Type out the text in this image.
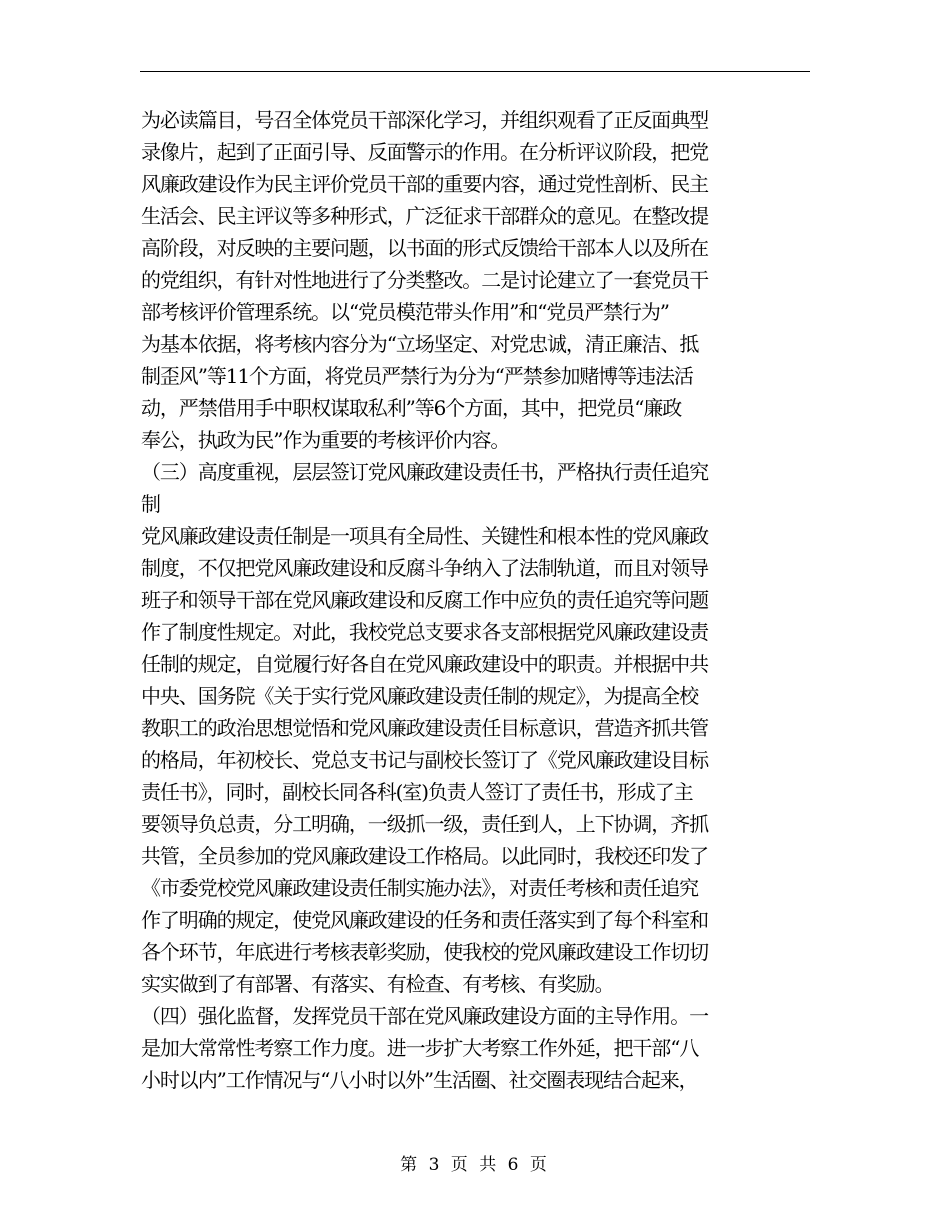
为必读篇目，号召全体党员干部深化学习，并组织观看了正反面典型
录像片，起到了正面引导、反面警示的作用。在分析评议阶段，把党
风廉政建设作为民主评价党员干部的重要内容，通过党性剖析、民主
生活会、民主评议等多种形式，广泛征求干部群众的意见。在整改提
高阶段，对反映的主要问题，以书面的形式反馈给干部本人以及所在
的党组织，有针对性地进行了分类整改。二是讨论建立了一套党员干
部考核评价管理系统。以“党员模范带头作用”和“党员严禁行为”
为基本依据，将考核内容分为“立场坚定、对党忠诚，清正廉洁、抵
制歪风”等11个方面，将党员严禁行为分为“严禁参加赌博等违法活
动，严禁借用手中职权谋取私利”等6个方面，其中，把党员“廉政
奉公，执政为民”作为重要的考核评价内容。
（三）高度重视，层层签订党风廉政建设责任书，严格执行责任追究
制
党风廉政建设责任制是一项具有全局性、关键性和根本性的党风廉政
制度，不仅把党风廉政建设和反腐斗争纳入了法制轨道，而且对领导
班子和领导干部在党风廉政建设和反腐工作中应负的责任追究等问题
作了制度性规定。对此，我校党总支要求各支部根据党风廉政建设责
任制的规定，自觉履行好各自在党风廉政建设中的职责。并根据中共
中央、国务院《关于实行党风廉政建设责任制的规定》，为提高全校
教职工的政治思想觉悟和党风廉政建设责任目标意识，营造齐抓共管
的格局，年初校长、党总支书记与副校长签订了《党风廉政建设目标
责任书》，同时，副校长同各科(室)负责人签订了责任书，形成了主
要领导负总责，分工明确，一级抓一级，责任到人，上下协调，齐抓
共管，全员参加的党风廉政建设工作格局。以此同时，我校还印发了
《市委党校党风廉政建设责任制实施办法》，对责任考核和责任追究
作了明确的规定，使党风廉政建设的任务和责任落实到了每个科室和
各个环节，年底进行考核表彰奖励，使我校的党风廉政建设工作切切
实实做到了有部署、有落实、有检查、有考核、有奖励。
（四）强化监督，发挥党员干部在党风廉政建设方面的主导作用。一
是加大常常性考察工作力度。进一步扩大考察工作外延，把干部“八
小时以内”工作情况与“八小时以外”生活圈、社交圈表现结合起来，
第 3 页 共 6 页
